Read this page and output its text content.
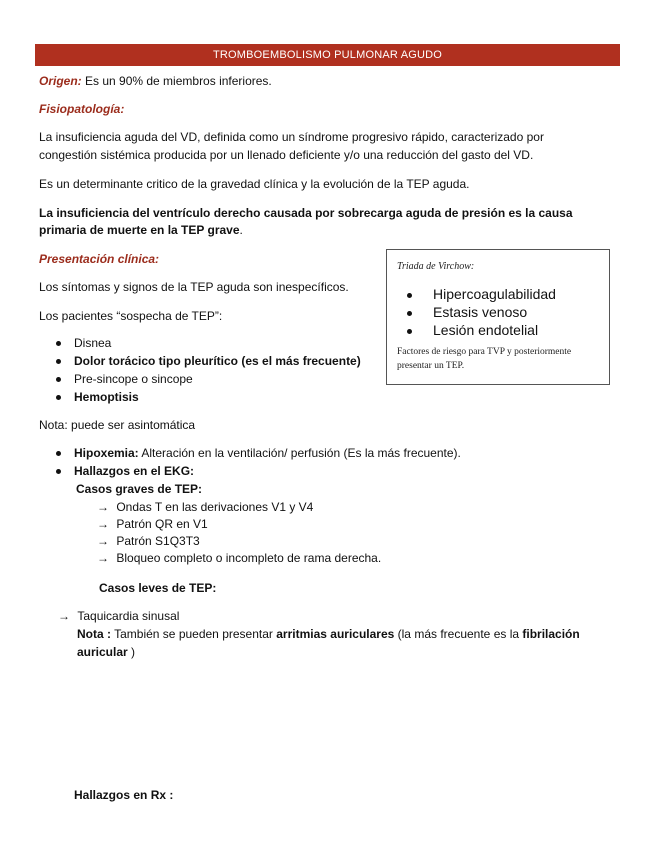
TROMBOEMBOLISMO PULMONAR AGUDO
Origen: Es un 90% de miembros inferiores.
Fisiopatología:
La insuficiencia aguda del VD, definida como un síndrome progresivo rápido, caracterizado por
congestión sistémica producida por un llenado deficiente y/o una reducción del gasto del VD.
Es un determinante critico de la gravedad clínica y la evolución de la TEP aguda.
La insuficiencia del ventrículo derecho causada por sobrecarga aguda de presión es la causa
primaria de muerte en la TEP grave.
Presentación clínica:
Los síntomas y signos de la TEP aguda son inespecíficos.
Los pacientes “sospecha de TEP”:
Disnea
Dolor torácico tipo pleurítico (es el más frecuente)
Pre-sincope o sincope
Hemoptisis
Nota: puede ser asintomática
Triada de Virchow:
Hipercoagulabilidad
Estasis venoso
Lesión endotelial
Factores de riesgo para TVP y posteriormente
presentar un TEP.
Hipoxemia: Alteración en la ventilación/ perfusión (Es la más frecuente).
Hallazgos en el EKG:
Casos graves de TEP:
→ Ondas T en las derivaciones V1 y V4
→ Patrón QR en V1
→ Patrón S1Q3T3
→ Bloqueo completo o incompleto de rama derecha.
Casos leves de TEP:
→ Taquicardia sinusal
Nota : También se pueden presentar arritmias auriculares (la más frecuente es la fibrilación
auricular )
Hallazgos en Rx :
